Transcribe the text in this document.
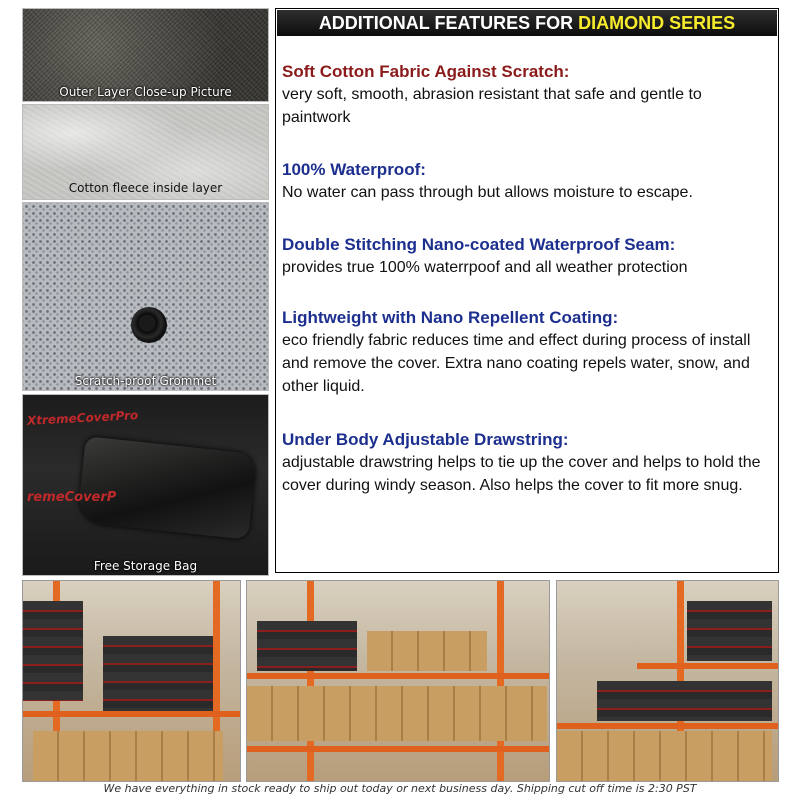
Outer Layer Close-up Picture
Cotton fleece inside layer
Scratch-proof Grommet
XtremeCoverPro
remeCoverP
Free Storage Bag
ADDITIONAL FEATURES FOR DIAMOND SERIES
Soft Cotton Fabric Against Scratch:
very soft, smooth, abrasion resistant that safe and gentle to paintwork
100% Waterproof:
No water can pass through but allows moisture to escape.
Double Stitching Nano-coated Waterproof Seam:
provides true 100% waterrpoof and all weather protection
Lightweight with Nano Repellent Coating:
eco friendly fabric reduces time and effect during process of install and remove the cover. Extra nano coating repels water, snow, and other liquid.
Under Body Adjustable Drawstring:
adjustable drawstring helps to tie up the cover and helps to hold the cover during windy season. Also helps the cover to fit more snug.
We have everything in stock ready to ship out today or next business day. Shipping cut off time is 2:30 PST
